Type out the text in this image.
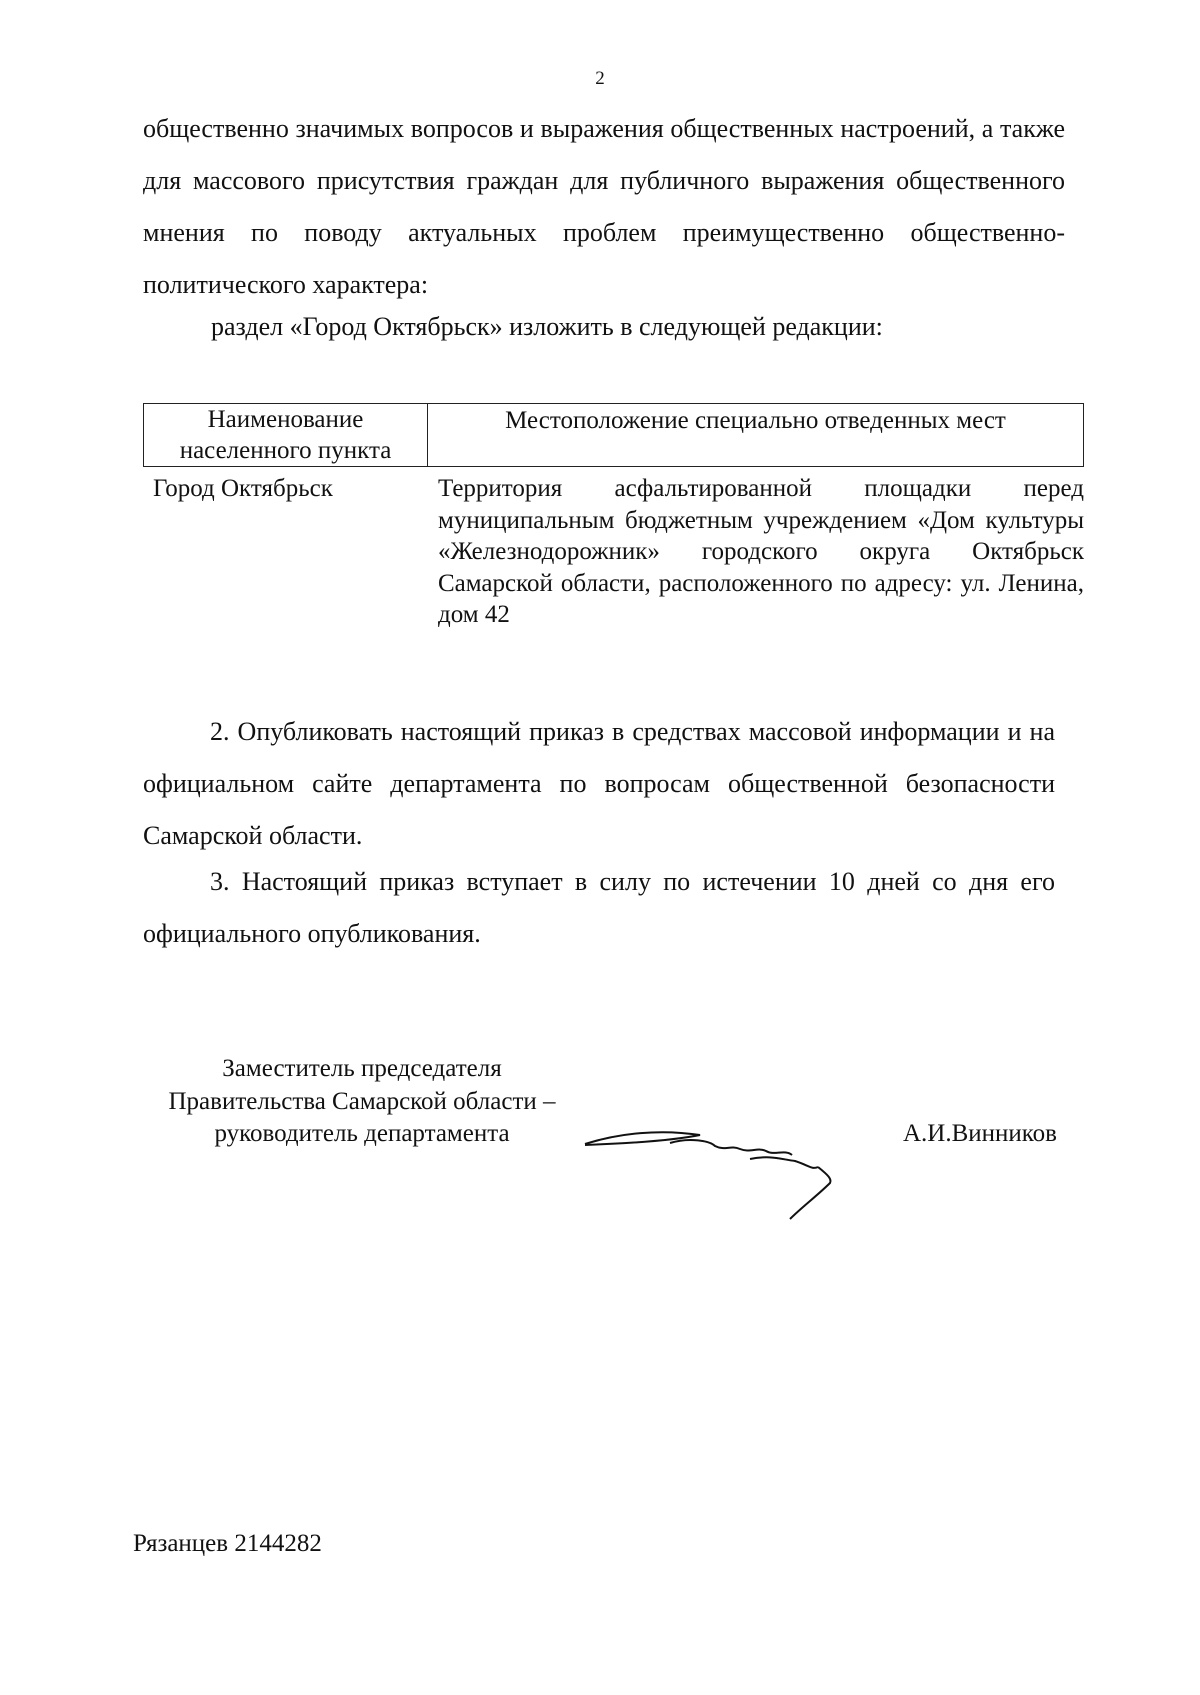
2

общественно значимых вопросов и выражения общественных настроений, а также для массового присутствия граждан для публичного выражения общественного мнения по поводу актуальных проблем преимущественно общественно-политического характера:

раздел «Город Октябрьск» изложить в следующей редакции:
Наименование
населенного пункта
Местоположение специально отведенных мест
Город Октябрьск	Территория асфальтированной площадки перед муниципальным бюджетным учреждением «Дом культуры «Железнодорожник» городского округа Октябрьск Самарской области, расположенного по адресу: ул. Ленина, дом 42

2. Опубликовать настоящий приказ в средствах массовой информации и на официальном сайте департамента по вопросам общественной безопасности Самарской области.

3. Настоящий приказ вступает в силу по истечении 10 дней со дня его официального опубликования.

Заместитель председателя
Правительства Самарской области –
руководитель департамента	А.И.Винников
Рязанцев 2144282
